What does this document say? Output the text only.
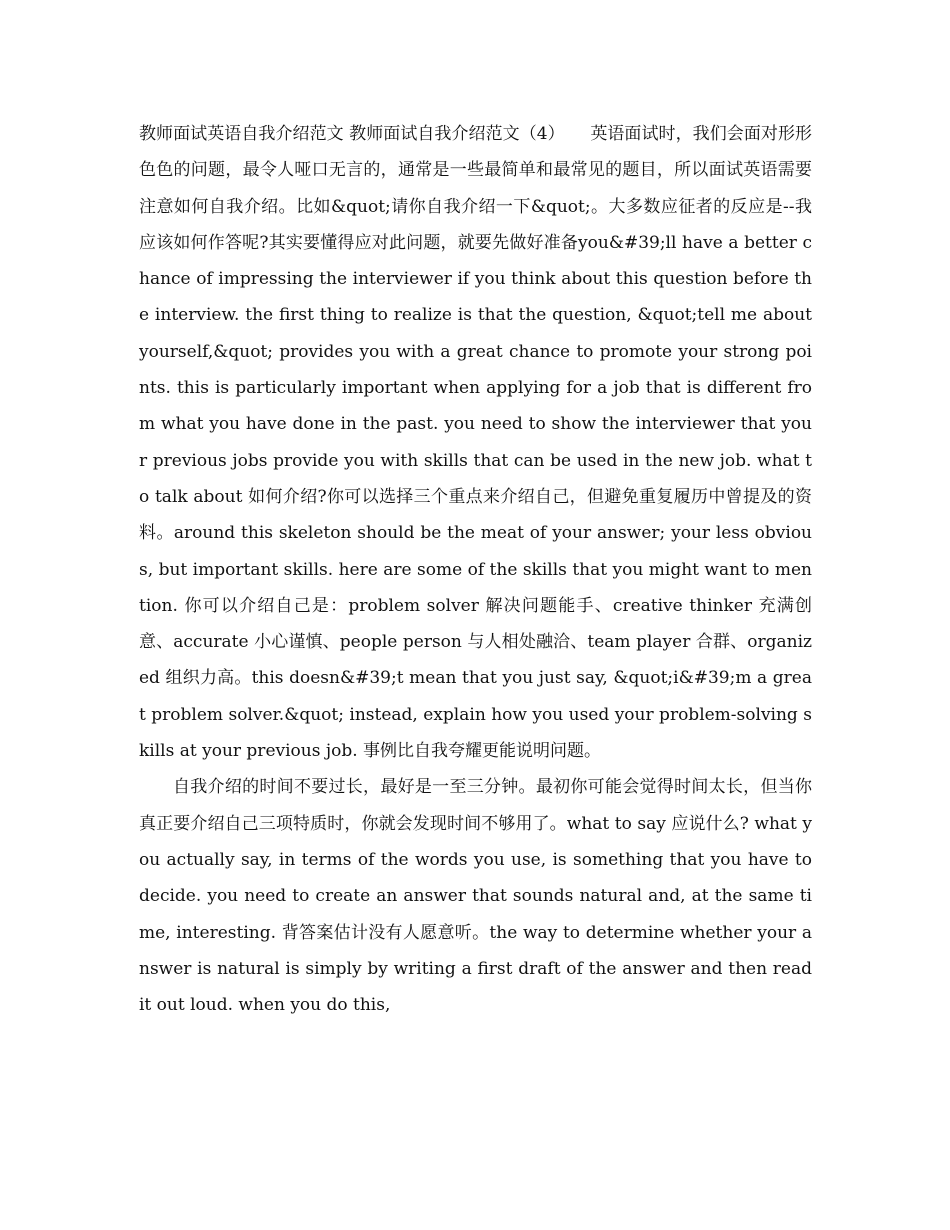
教师面试英语自我介绍范文 教师面试自我介绍范文（4）　　英语面试时，我们会面对形形色色的问题，最令人哑口无言的，通常是一些最简单和最常见的题目，所以面试英语需要注意如何自我介绍。比如&quot;请你自我介绍一下&quot;。大多数应征者的反应是--我应该如何作答呢?其实要懂得应对此问题，就要先做好准备you&#39;ll have a better chance of impressing the interviewer if you think about this question before the interview. the first thing to realize is that the question, &quot;tell me about yourself,&quot; provides you with a great chance to promote your strong points. this is particularly important when applying for a job that is different from what you have done in the past. you need to show the interviewer that your previous jobs provide you with skills that can be used in the new job. what to talk about 如何介绍?你可以选择三个重点来介绍自己，但避免重复履历中曾提及的资料。around this skeleton should be the meat of your answer; your less obvious, but important skills. here are some of the skills that you might want to mention. 你可以介绍自己是：problem solver 解决问题能手、creative thinker 充满创意、accurate 小心谨慎、people person 与人相处融洽、team player 合群、organized 组织力高。this doesn&#39;t mean that you just say, &quot;i&#39;m a great problem solver.&quot; instead, explain how you used your problem-solving skills at your previous job. 事例比自我夸耀更能说明问题。

自我介绍的时间不要过长，最好是一至三分钟。最初你可能会觉得时间太长，但当你真正要介绍自己三项特质时，你就会发现时间不够用了。what to say 应说什么? what you actually say, in terms of the words you use, is something that you have to decide. you need to create an answer that sounds natural and, at the same time, interesting. 背答案估计没有人愿意听。the way to determine whether your answer is natural is simply by writing a first draft of the answer and then read it out loud. when you do this,
